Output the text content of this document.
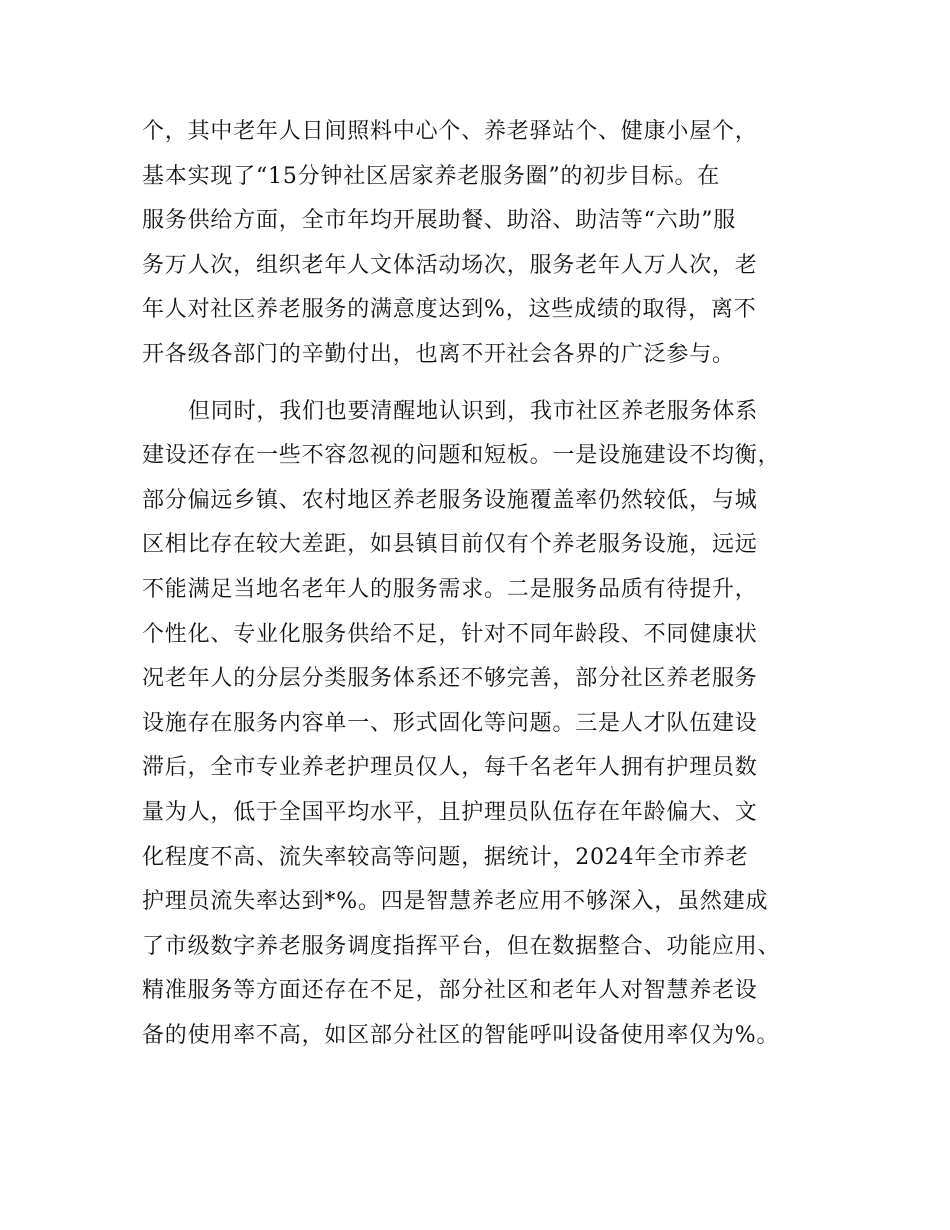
个，其中老年人日间照料中心个、养老驿站个、健康小屋个，
基本实现了“15分钟社区居家养老服务圈”的初步目标。在
服务供给方面，全市年均开展助餐、助浴、助洁等“六助”服
务万人次，组织老年人文体活动场次，服务老年人万人次，老
年人对社区养老服务的满意度达到%，这些成绩的取得，离不
开各级各部门的辛勤付出，也离不开社会各界的广泛参与。
但同时，我们也要清醒地认识到，我市社区养老服务体系
建设还存在一些不容忽视的问题和短板。一是设施建设不均衡，
部分偏远乡镇、农村地区养老服务设施覆盖率仍然较低，与城
区相比存在较大差距，如县镇目前仅有个养老服务设施，远远
不能满足当地名老年人的服务需求。二是服务品质有待提升，
个性化、专业化服务供给不足，针对不同年龄段、不同健康状
况老年人的分层分类服务体系还不够完善，部分社区养老服务
设施存在服务内容单一、形式固化等问题。三是人才队伍建设
滞后，全市专业养老护理员仅人，每千名老年人拥有护理员数
量为人，低于全国平均水平，且护理员队伍存在年龄偏大、文
化程度不高、流失率较高等问题，据统计，2024年全市养老
护理员流失率达到*%。四是智慧养老应用不够深入，虽然建成
了市级数字养老服务调度指挥平台，但在数据整合、功能应用、
精准服务等方面还存在不足，部分社区和老年人对智慧养老设
备的使用率不高，如区部分社区的智能呼叫设备使用率仅为%。
